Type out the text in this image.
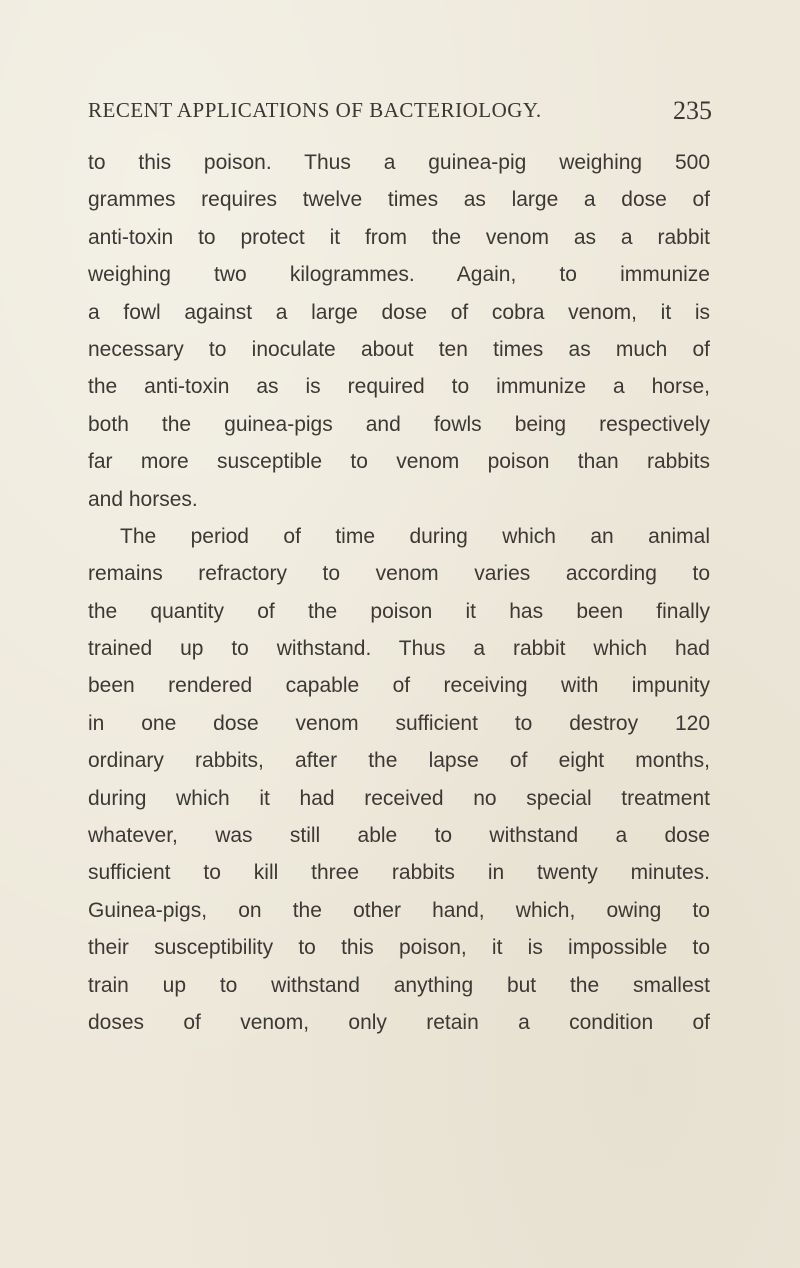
RECENT APPLICATIONS OF BACTERIOLOGY.	235
to this poison. Thus a guinea-pig weighing 500
grammes requires twelve times as large a dose of
anti-toxin to protect it from the venom as a rabbit
weighing two kilogrammes. Again, to immunize
a fowl against a large dose of cobra venom, it is
necessary to inoculate about ten times as much of
the anti-toxin as is required to immunize a horse,
both the guinea-pigs and fowls being respectively
far more susceptible to venom poison than rabbits
and horses.
The period of time during which an animal
remains refractory to venom varies according to
the quantity of the poison it has been finally
trained up to withstand. Thus a rabbit which had
been rendered capable of receiving with impunity
in one dose venom sufficient to destroy 120
ordinary rabbits, after the lapse of eight months,
during which it had received no special treatment
whatever, was still able to withstand a dose
sufficient to kill three rabbits in twenty minutes.
Guinea-pigs, on the other hand, which, owing to
their susceptibility to this poison, it is impossible to
train up to withstand anything but the smallest
doses of venom, only retain a condition of
